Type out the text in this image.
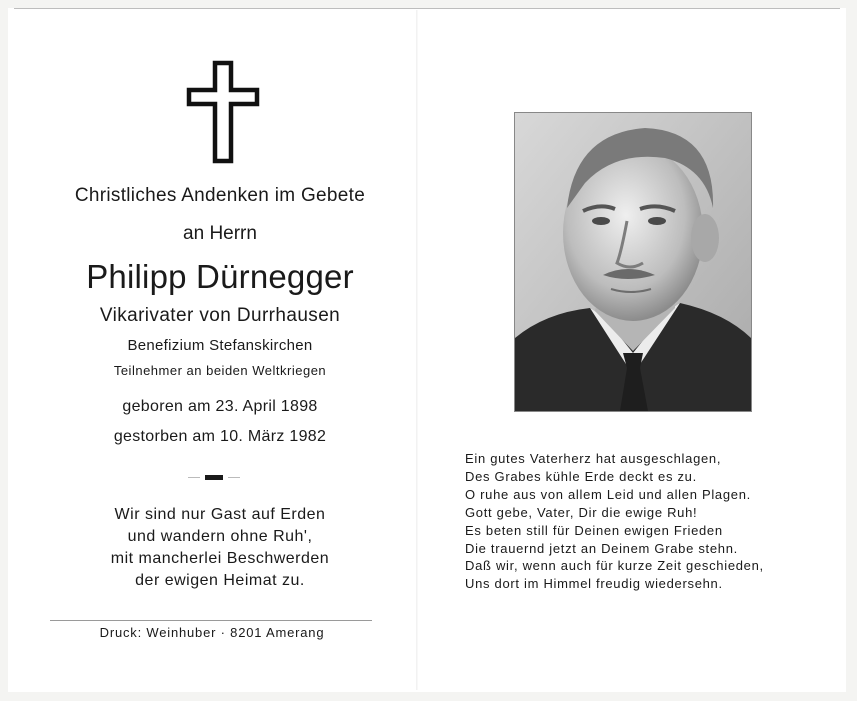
Christliches Andenken im Gebete
an Herrn
Philipp Dürnegger
Vikarivater von Durrhausen
Benefizium Stefanskirchen
Teilnehmer an beiden Weltkriegen
geboren am 23. April 1898
gestorben am 10. März 1982
Wir sind nur Gast auf Erden
und wandern ohne Ruh',
mit mancherlei Beschwerden
der ewigen Heimat zu.
Druck: Weinhuber · 8201 Amerang
Ein gutes Vaterherz hat ausgeschlagen,
Des Grabes kühle Erde deckt es zu.
O ruhe aus von allem Leid und allen Plagen.
Gott gebe, Vater, Dir die ewige Ruh!
Es beten still für Deinen ewigen Frieden
Die trauernd jetzt an Deinem Grabe stehn.
Daß wir, wenn auch für kurze Zeit geschieden,
Uns dort im Himmel freudig wiedersehn.
